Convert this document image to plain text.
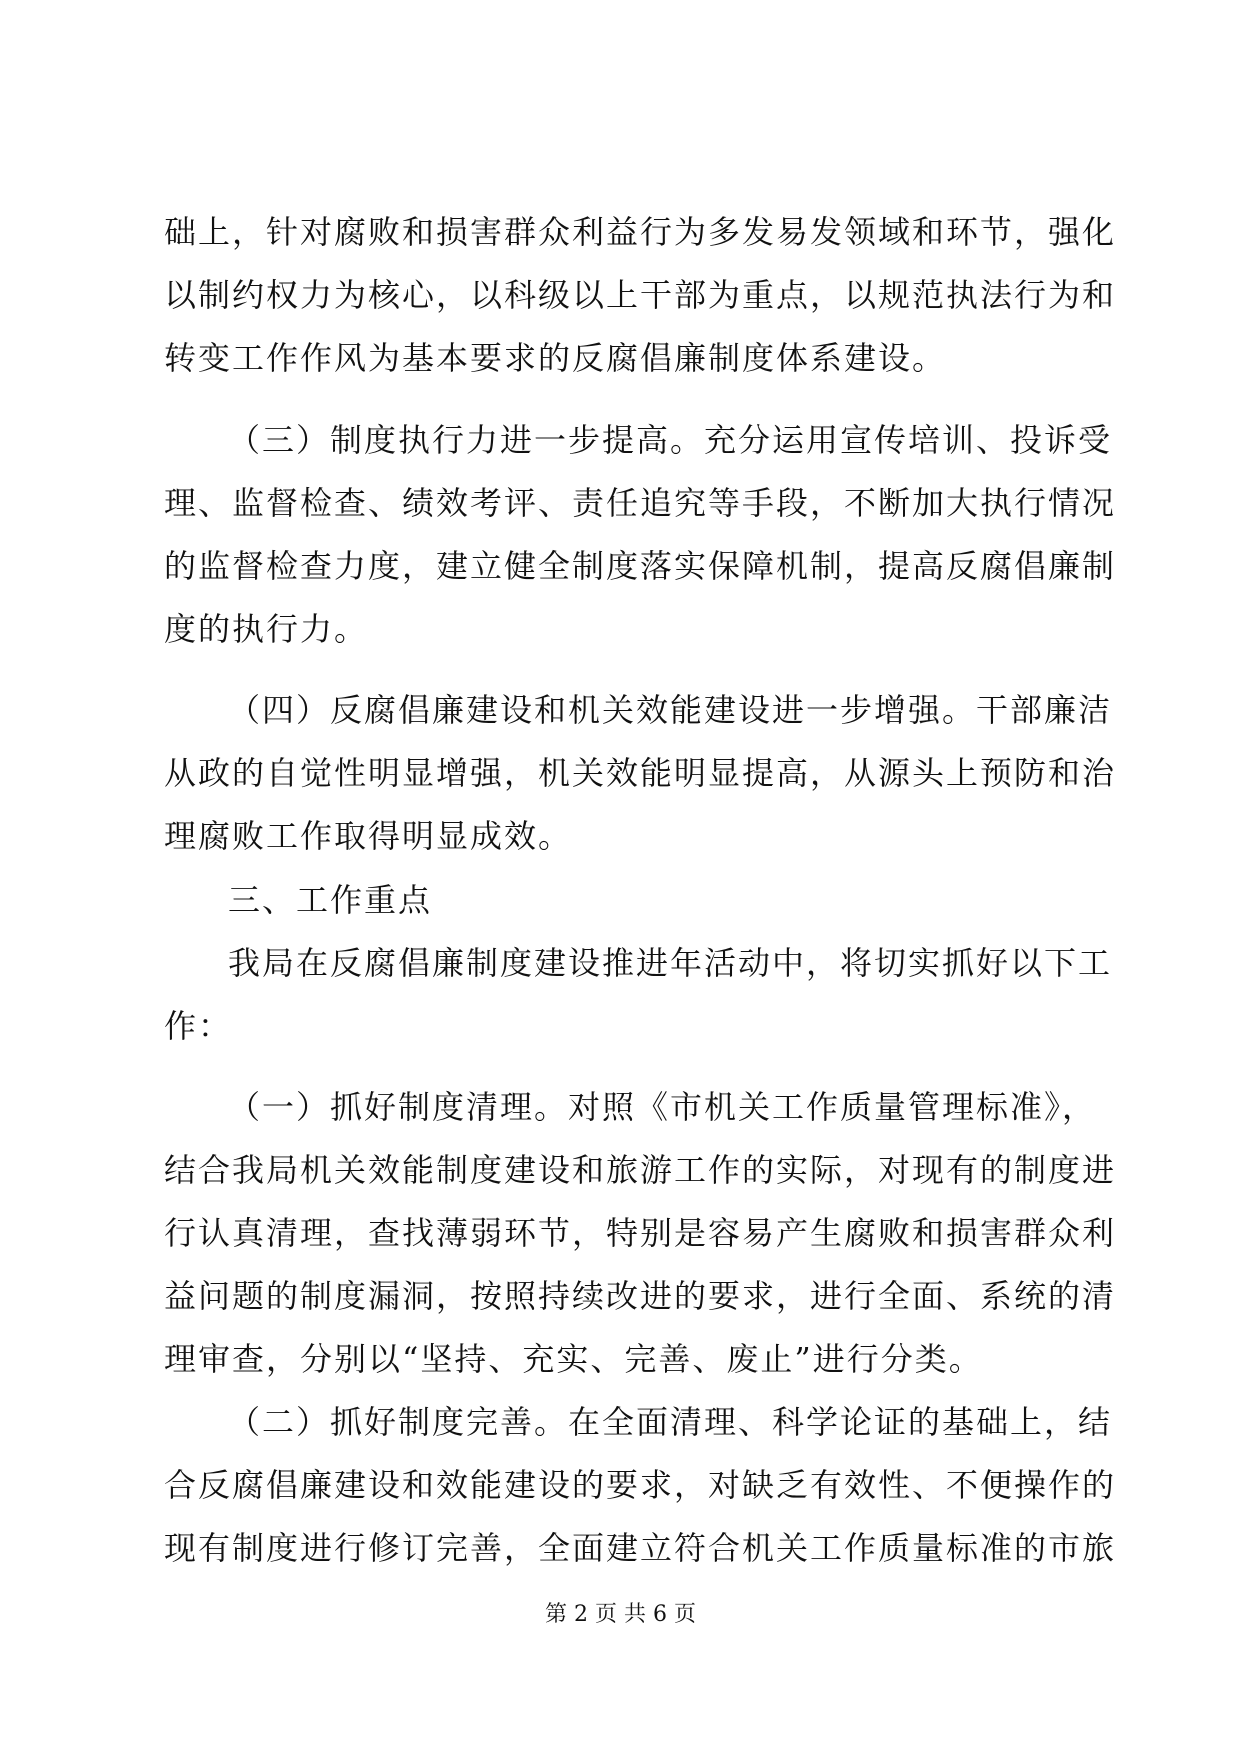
础上，针对腐败和损害群众利益行为多发易发领域和环节，强化
以制约权力为核心，以科级以上干部为重点，以规范执法行为和
转变工作作风为基本要求的反腐倡廉制度体系建设。
（三）制度执行力进一步提高。充分运用宣传培训、投诉受
理、监督检查、绩效考评、责任追究等手段，不断加大执行情况
的监督检查力度，建立健全制度落实保障机制，提高反腐倡廉制
度的执行力。
（四）反腐倡廉建设和机关效能建设进一步增强。干部廉洁
从政的自觉性明显增强，机关效能明显提高，从源头上预防和治
理腐败工作取得明显成效。
三、工作重点
我局在反腐倡廉制度建设推进年活动中，将切实抓好以下工
作：
（一）抓好制度清理。对照《市机关工作质量管理标准》，
结合我局机关效能制度建设和旅游工作的实际，对现有的制度进
行认真清理，查找薄弱环节，特别是容易产生腐败和损害群众利
益问题的制度漏洞，按照持续改进的要求，进行全面、系统的清
理审查，分别以“坚持、充实、完善、废止”进行分类。
（二）抓好制度完善。在全面清理、科学论证的基础上，结
合反腐倡廉建设和效能建设的要求，对缺乏有效性、不便操作的
现有制度进行修订完善，全面建立符合机关工作质量标准的市旅
第 2 页 共 6 页
